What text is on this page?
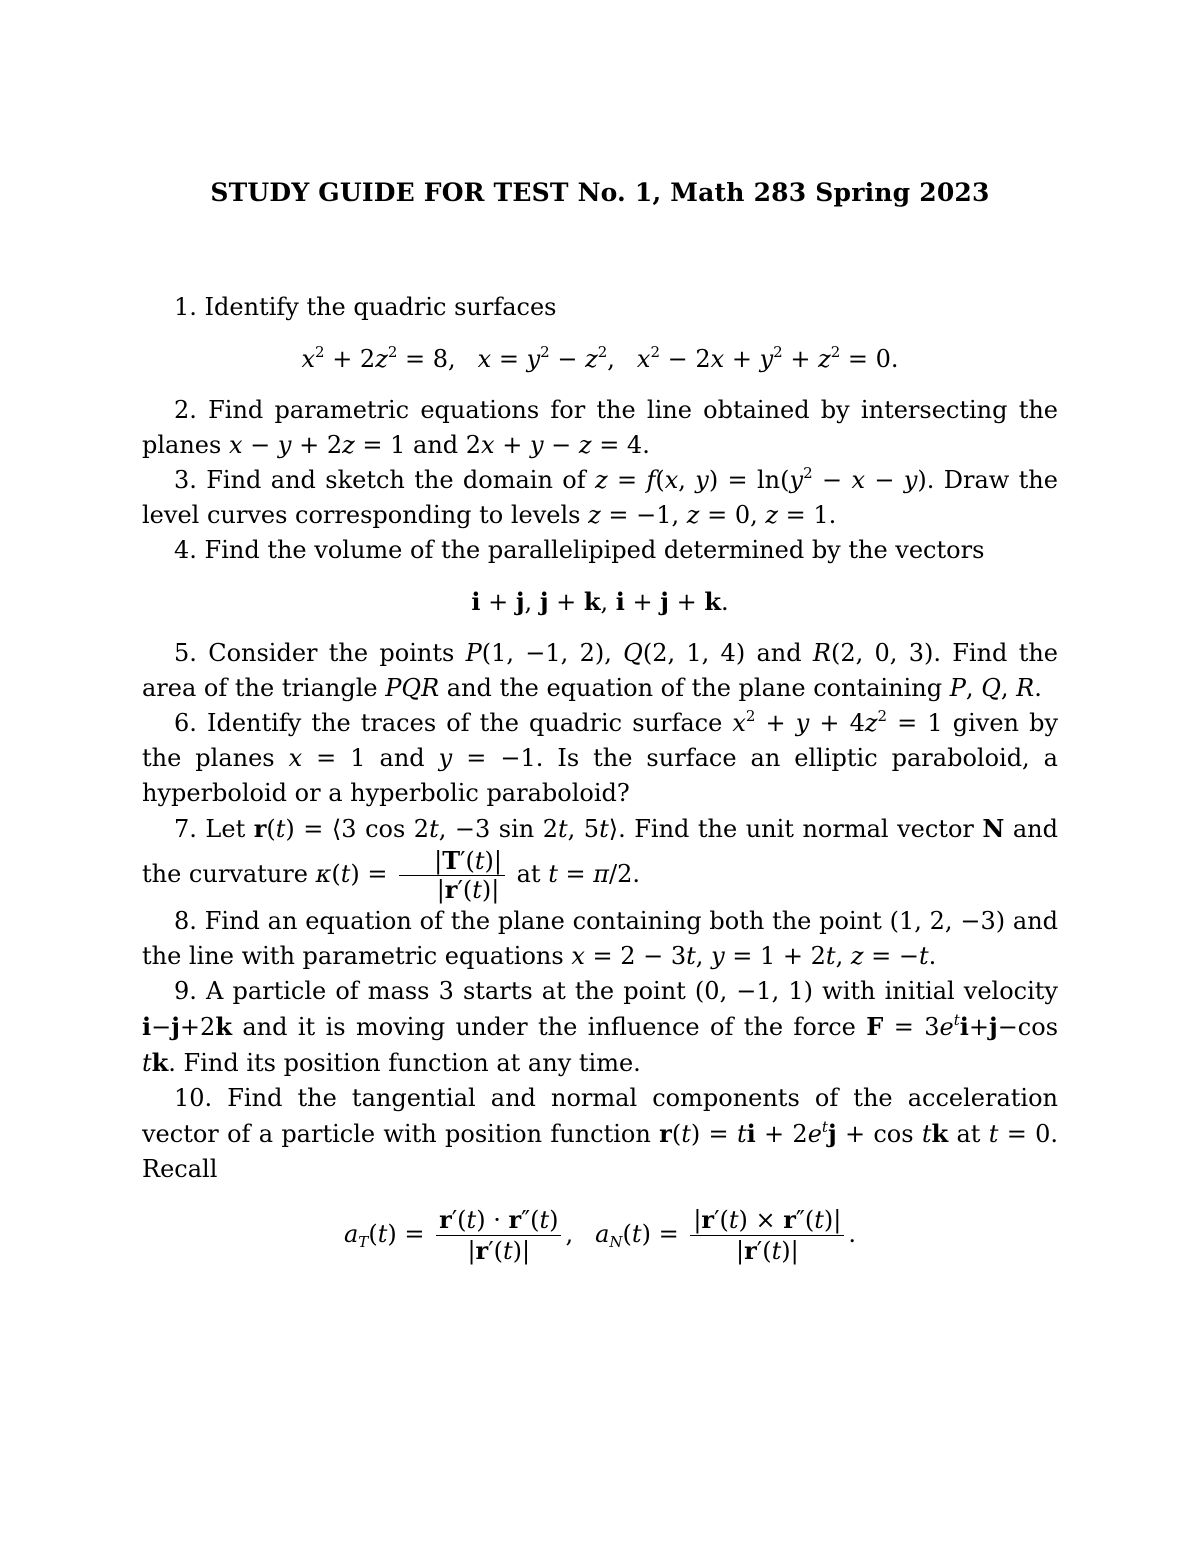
STUDY GUIDE FOR TEST No. 1, Math 283 Spring 2023

1. Identify the quadric surfaces

$x^2 + 2z^2 = 8$, $x = y^2 - z^2$, $x^2 - 2x + y^2 + z^2 = 0$.

2. Find parametric equations for the line obtained by intersecting the planes x − y + 2z = 1 and 2x + y − z = 4.

3. Find and sketch the domain of z = f(x, $y) = \ln(y^2 - x - y)$. Draw the level curves corresponding to levels z = −1, z = 0, z = 1.

4. Find the volume of the parallelipiped determined by the vectors

i + j, j + k, i + j + k.

5. Consider the points P(1, −1, 2), Q(2, 1, 4) and R(2, 0, 3). Find the area of the triangle PQR and the equation of the plane containing P, Q, R.

6. Identify the traces of the quadric surface $x^2 + y + 4z^2 = 1$ given by the planes x = 1 and y = −1. Is the surface an elliptic paraboloid, a hyperboloid or a hyperbolic paraboloid?

7. Let r(t) = ⟨3 cos 2t, −3 sin 2t, 5t⟩. Find the unit normal vector N and the curvature $\kappa(t) = \frac{|T'(t)|}{|r'(t)|}$ at t = π/2.

8. Find an equation of the plane containing both the point (1, 2, −3) and the line with parametric equations x = 2 − 3t, y = 1 + 2t, z = −t.

9. A particle of mass 3 starts at the point (0, −1, 1) with initial velocity i−j+2k and it is moving under the influence of the force $F = 3e^ti+j-\cos$ tk. Find its position function at any time.

10. Find the tangential and normal components of the acceleration vector of a particle with position function r(t) = ti + $2e^tj + \cos$ tk at t = 0. Recall

$a_T(t) = \frac{r'(t) \cdot r''(t)}{|r'(t)|}$ , $a_N(t) = \frac{|r'(t) \times r''(t)|}{|r'(t)|}$ .
